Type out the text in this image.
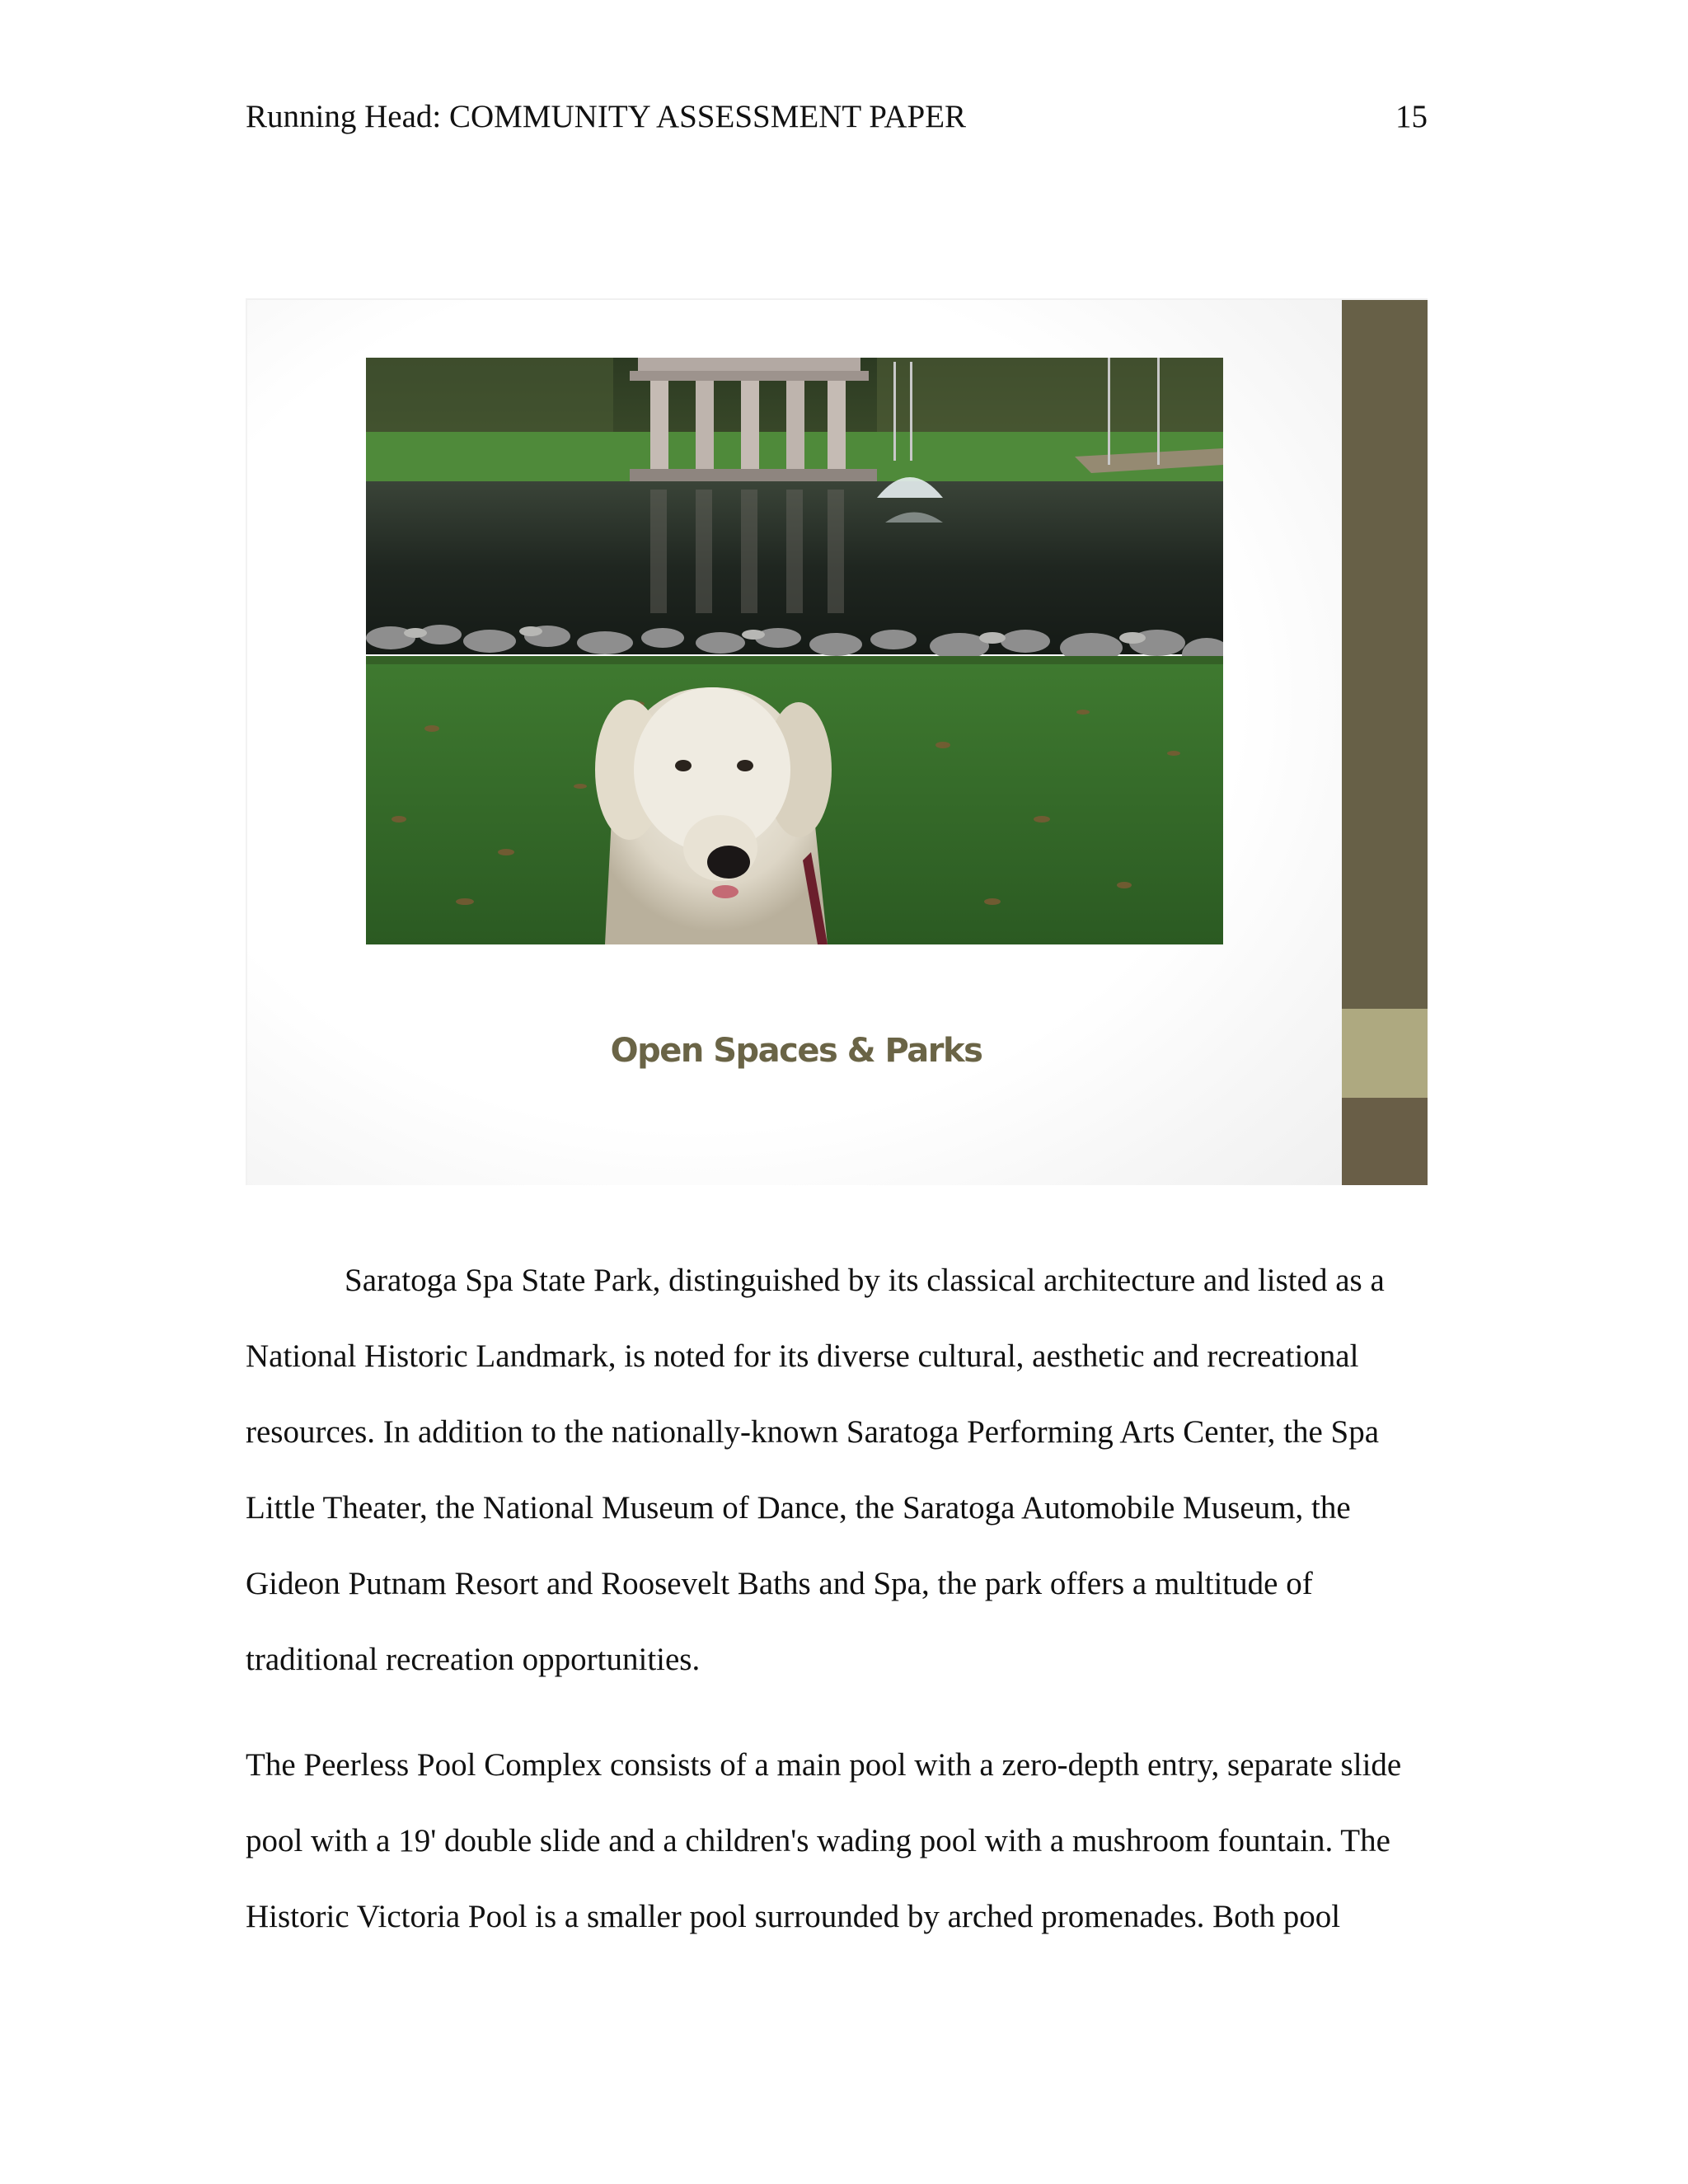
Running Head: COMMUNITY ASSESSMENT PAPER	15
Open Spaces & Parks

Saratoga Spa State Park, distinguished by its classical architecture and listed as a National Historic Landmark, is noted for its diverse cultural, aesthetic and recreational resources. In addition to the nationally-known Saratoga Performing Arts Center, the Spa Little Theater, the National Museum of Dance, the Saratoga Automobile Museum, the Gideon Putnam Resort and Roosevelt Baths and Spa, the park offers a multitude of traditional recreation opportunities.

The Peerless Pool Complex consists of a main pool with a zero-depth entry, separate slide pool with a 19' double slide and a children's wading pool with a mushroom fountain. The Historic Victoria Pool is a smaller pool surrounded by arched promenades. Both pool
